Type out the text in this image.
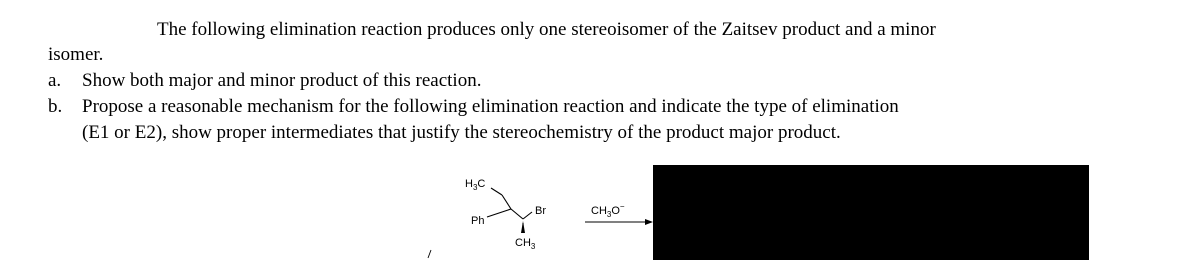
The following elimination reaction produces only one stereoisomer of the Zaitsev product and a minor
isomer.
a. Show both major and minor product of this reaction.
b. Propose a reasonable mechanism for the following elimination reaction and indicate the type of elimination
(E1 or E2), show proper intermediates that justify the stereochemistry of the product major product.
$H_3C$
Ph
Br
$CH_3$
$CH_3O^-$
